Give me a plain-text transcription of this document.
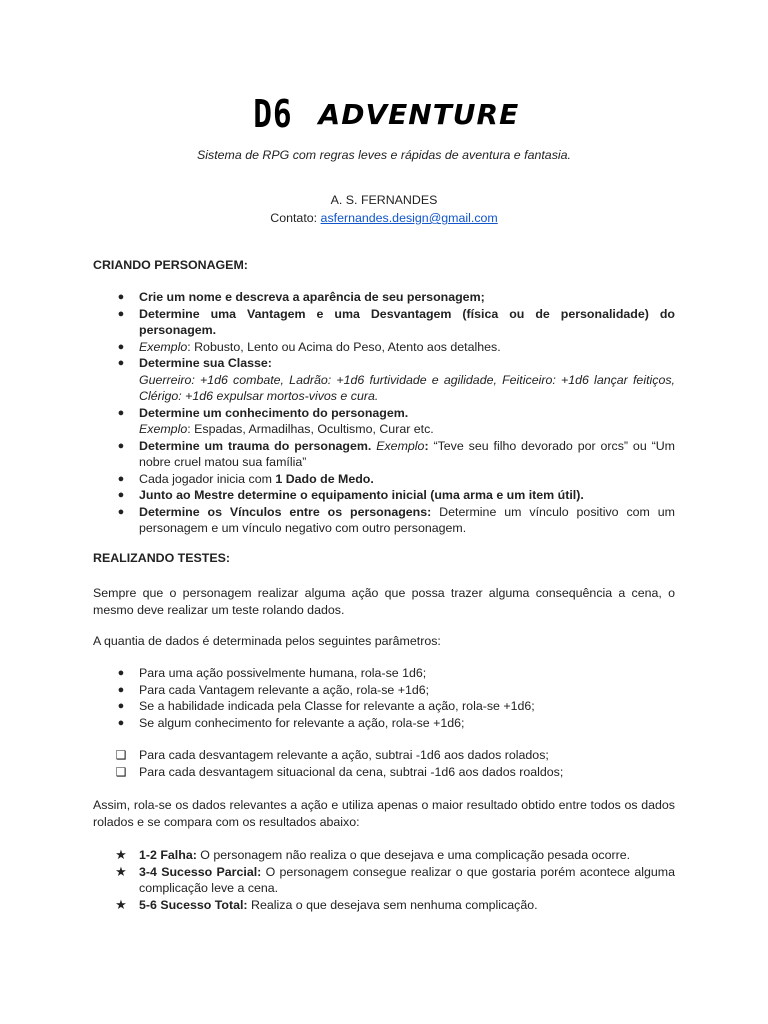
D6 ADVENTURE
Sistema de RPG com regras leves e rápidas de aventura e fantasia.
A. S. FERNANDES
Contato: asfernandes.design@gmail.com
CRIANDO PERSONAGEM:
●	Crie um nome e descreva a aparência de seu personagem;
●	Determine uma Vantagem e uma Desvantagem (física ou de personalidade) do personagem.
●	Exemplo: Robusto, Lento ou Acima do Peso, Atento aos detalhes.
●	Determine sua Classe:
Guerreiro: +1d6 combate, Ladrão: +1d6 furtividade e agilidade, Feiticeiro: +1d6 lançar feitiços, Clérigo: +1d6 expulsar mortos-vivos e cura.
●	Determine um conhecimento do personagem.
Exemplo: Espadas, Armadilhas, Ocultismo, Curar etc.
●	Determine um trauma do personagem. Exemplo: “Teve seu filho devorado por orcs” ou “Um nobre cruel matou sua família”
●	Cada jogador inicia com 1 Dado de Medo.
●	Junto ao Mestre determine o equipamento inicial (uma arma e um item útil).
●	Determine os Vínculos entre os personagens: Determine um vínculo positivo com um personagem e um vínculo negativo com outro personagem.
REALIZANDO TESTES:
Sempre que o personagem realizar alguma ação que possa trazer alguma consequência a cena, o mesmo deve realizar um teste rolando dados.
A quantia de dados é determinada pelos seguintes parâmetros:
●	Para uma ação possivelmente humana, rola-se 1d6;
●	Para cada Vantagem relevante a ação, rola-se +1d6;
●	Se a habilidade indicada pela Classe for relevante a ação, rola-se +1d6;
●	Se algum conhecimento for relevante a ação, rola-se +1d6;
❑ Para cada desvantagem relevante a ação, subtrai -1d6 aos dados rolados;
❑ Para cada desvantagem situacional da cena, subtrai -1d6 aos dados roaldos;
Assim, rola-se os dados relevantes a ação e utiliza apenas o maior resultado obtido entre todos os dados rolados e se compara com os resultados abaixo:
★ 1-2 Falha: O personagem não realiza o que desejava e uma complicação pesada ocorre.
★ 3-4 Sucesso Parcial: O personagem consegue realizar o que gostaria porém acontece alguma complicação leve a cena.
★ 5-6 Sucesso Total: Realiza o que desejava sem nenhuma complicação.
